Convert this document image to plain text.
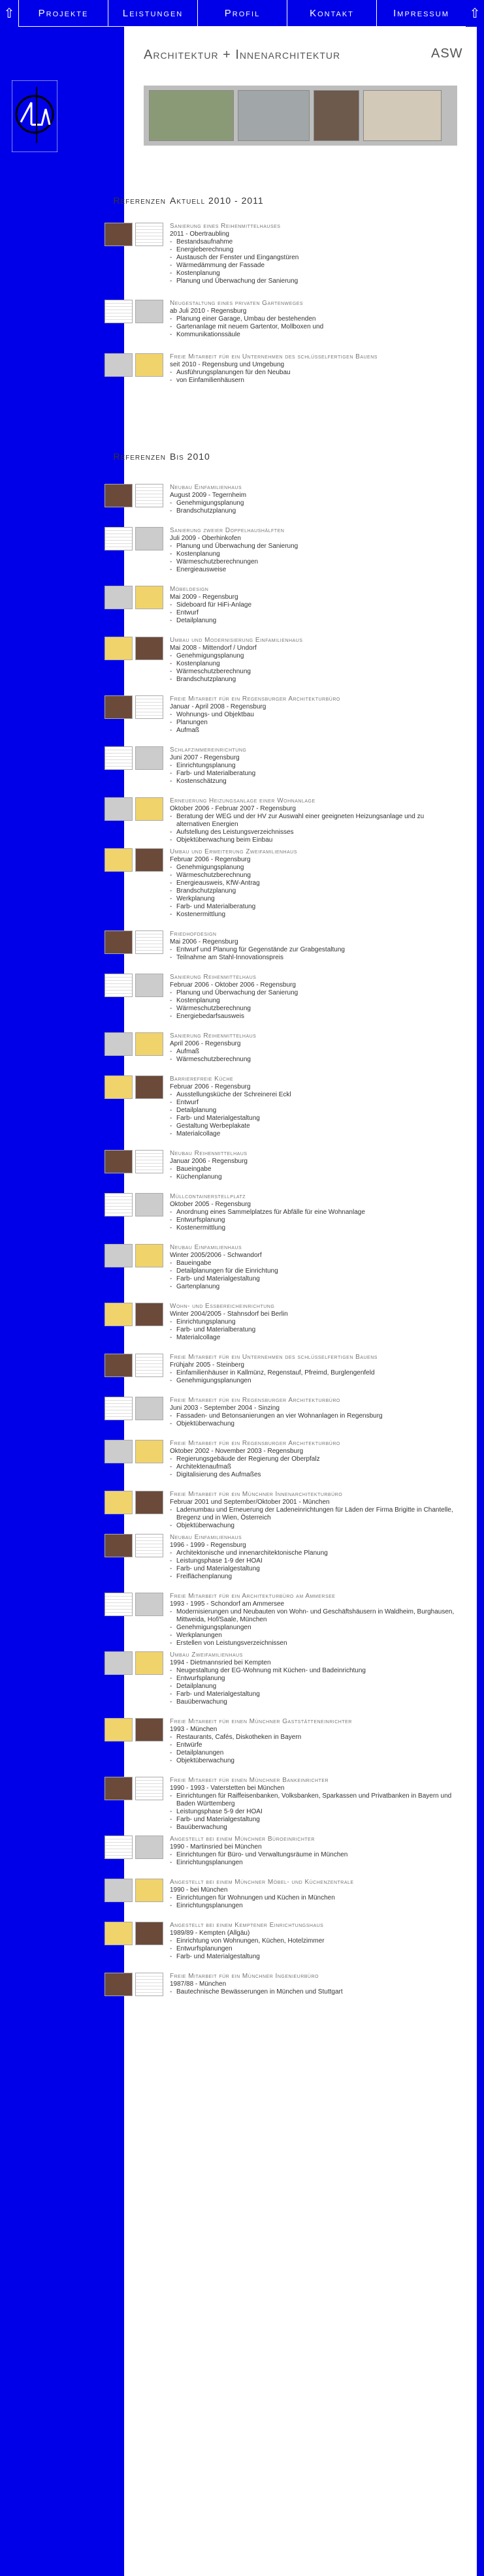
⇧	Projekte	Leistungen	Profil	Kontakt	Impressum	⇧
Architektur + Innenarchitektur	ASW
Referenzen Aktuell 2010 - 2011
Referenzen Bis 2010
Sanierung eines Reihenmittelhauses
2011 - Obertraubling
- Bestandsaufnahme
- Energieberechnung
- Austausch der Fenster und Eingangstüren
- Wärmedämmung der Fassade
- Kostenplanung
- Planung und Überwachung der Sanierung
Neugestaltung eines privaten Gartenweges
ab Juli 2010 - Regensburg
- Planung einer Garage, Umbau der bestehenden
- Gartenanlage mit neuem Gartentor, Mollboxen und
- Kommunikationssäule
Freie Mitarbeit für ein Unternehmen des schlüsselfertigen Bauens
seit 2010 - Regensburg und Umgebung
- Ausführungsplanungen für den Neubau
- von Einfamilienhäusern
Neubau Einfamilienhaus
August 2009 - Tegernheim
- Genehmigungsplanung
- Brandschutzplanung
Sanierung zweier Doppelhaushälften
Juli 2009 - Oberhinkofen
- Planung und Überwachung der Sanierung
- Kostenplanung
- Wärmeschutzberechnungen
- Energieausweise
Möbeldesign
Mai 2009 - Regensburg
- Sideboard für HiFi-Anlage
- Entwurf
- Detailplanung
Umbau und Modernisierung Einfamilienhaus
Mai 2008 - Mittendorf / Undorf
- Genehmigungsplanung
- Kostenplanung
- Wärmeschutzberechnung
- Brandschutzplanung
Freie Mitarbeit für ein Regensburger Architekturbüro
Januar - April 2008 - Regensburg
- Wohnungs- und Objektbau
- Planungen
- Aufmaß
Schlafzimmereinrichtung
Juni 2007 - Regensburg
- Einrichtungsplanung
- Farb- und Materialberatung
- Kostenschätzung
Erneuerung Heizungsanlage einer Wohnanlage
Oktober 2006 - Februar 2007 - Regensburg
- Beratung der WEG und der HV zur Auswahl einer geeigneten Heizungsanlage und zu alternativen Energien
- Aufstellung des Leistungsverzeichnisses
- Objektüberwachung beim Einbau
Umbau und Erweiterung Zweifamilienhaus
Februar 2006 - Regensburg
- Genehmigungsplanung
- Wärmeschutzberechnung
- Energieausweis, KfW-Antrag
- Brandschutzplanung
- Werkplanung
- Farb- und Materialberatung
- Kostenermittlung
Friedhofdesign
Mai 2006 - Regensburg
- Entwurf und Planung für Gegenstände zur Grabgestaltung
- Teilnahme am Stahl-Innovationspreis
Sanierung Reihenmittelhaus
Februar 2006 - Oktober 2006 - Regensburg
- Planung und Überwachung der Sanierung
- Kostenplanung
- Wärmeschutzberechnung
- Energiebedarfsausweis
Sanierung Reihenmittelhaus
April 2006 - Regensburg
- Aufmaß
- Wärmeschutzberechnung
Barrierefreie Küche
Februar 2006 - Regensburg
- Ausstellungsküche der Schreinerei Eckl
- Entwurf
- Detailplanung
- Farb- und Materialgestaltung
- Gestaltung Werbeplakate
- Materialcollage
Neubau Reihenmittelhaus
Januar 2006 - Regensburg
- Baueingabe
- Küchenplanung
Müllcontainerstellplatz
Oktober 2005 - Regensburg
- Anordnung eines Sammelplatzes für Abfälle für eine Wohnanlage
- Entwurfsplanung
- Kostenermittlung
Neubau Einfamilienhaus
Winter 2005/2006 - Schwandorf
- Baueingabe
- Detailplanungen für die Einrichtung
- Farb- und Materialgestaltung
- Gartenplanung
Wohn- und Essbereicheinrichtung
Winter 2004/2005 - Stahnsdorf bei Berlin
- Einrichtungsplanung
- Farb- und Materialberatung
- Materialcollage
Freie Mitarbeit für ein Unternehmen des schlüsselfertigen Bauens
Frühjahr 2005 - Steinberg
- Einfamilienhäuser in Kallmünz, Regenstauf, Pfreimd, Burglengenfeld
- Genehmigungsplanungen
Freie Mitarbeit für ein Regensburger Architekturbüro
Juni 2003 - September 2004 - Sinzing
- Fassaden- und Betonsanierungen an vier Wohnanlagen in Regensburg
- Objektüberwachung
Freie Mitarbeit für ein Regensburger Architekturbüro
Oktober 2002 - November 2003 - Regensburg
- Regierungsgebäude der Regierung der Oberpfalz
- Architektenaufmaß
- Digitalisierung des Aufmaßes
Freie Mitarbeit für ein Münchner Innenarchitekturbüro
Februar 2001 und September/Oktober 2001 - München
- Ladenumbau und Erneuerung der Ladeneinrichtungen für Läden der Firma Brigitte in Chantelle, Bregenz und in Wien, Österreich
- Objektüberwachung
Neubau Einfamilienhaus
1996 - 1999 - Regensburg
- Architektonische und innenarchitektonische Planung
- Leistungsphase 1-9 der HOAI
- Farb- und Materialgestaltung
- Freiflächenplanung
Freie Mitarbeit für ein Architekturbüro am Ammersee
1993 - 1995 - Schondorf am Ammersee
- Modernisierungen und Neubauten von Wohn- und Geschäftshäusern in Waldheim, Burghausen, Mittweida, Hof/Saale, München
- Genehmigungsplanungen
- Werkplanungen
- Erstellen von Leistungsverzeichnissen
Umbau Zweifamilienhaus
1994 - Dietmannsried bei Kempten
- Neugestaltung der EG-Wohnung mit Küchen- und Badeinrichtung
- Entwurfsplanung
- Detailplanung
- Farb- und Materialgestaltung
- Bauüberwachung
Freie Mitarbeit für einen Münchner Gaststätteneinrichter
1993 - München
- Restaurants, Cafés, Diskotheken in Bayern
- Entwürfe
- Detailplanungen
- Objektüberwachung
Freie Mitarbeit für einen Münchner Bankeinrichter
1990 - 1993 - Vaterstetten bei München
- Einrichtungen für Raiffeisenbanken, Volksbanken, Sparkassen und Privatbanken in Bayern und Baden Württemberg
- Leistungsphase 5-9 der HOAI
- Farb- und Materialgestaltung
- Bauüberwachung
Angestellt bei einem Münchner Büroeinrichter
1990 - Martinsried bei München
- Einrichtungen für Büro- und Verwaltungsräume in München
- Einrichtungsplanungen
Angestellt bei einem Münchner Möbel- und Küchenzentrale
1990 - bei München
- Einrichtungen für Wohnungen und Küchen in München
- Einrichtungsplanungen
Angestellt bei einem Kemptener Einrichtungshaus
1989/89 - Kempten (Allgäu)
- Einrichtung von Wohnungen, Küchen, Hotelzimmer
- Entwurfsplanungen
- Farb- und Materialgestaltung
Freie Mitarbeit für ein Münchner Ingenieurbüro
1987/88 - München
- Bautechnische Bewässerungen in München und Stuttgart
